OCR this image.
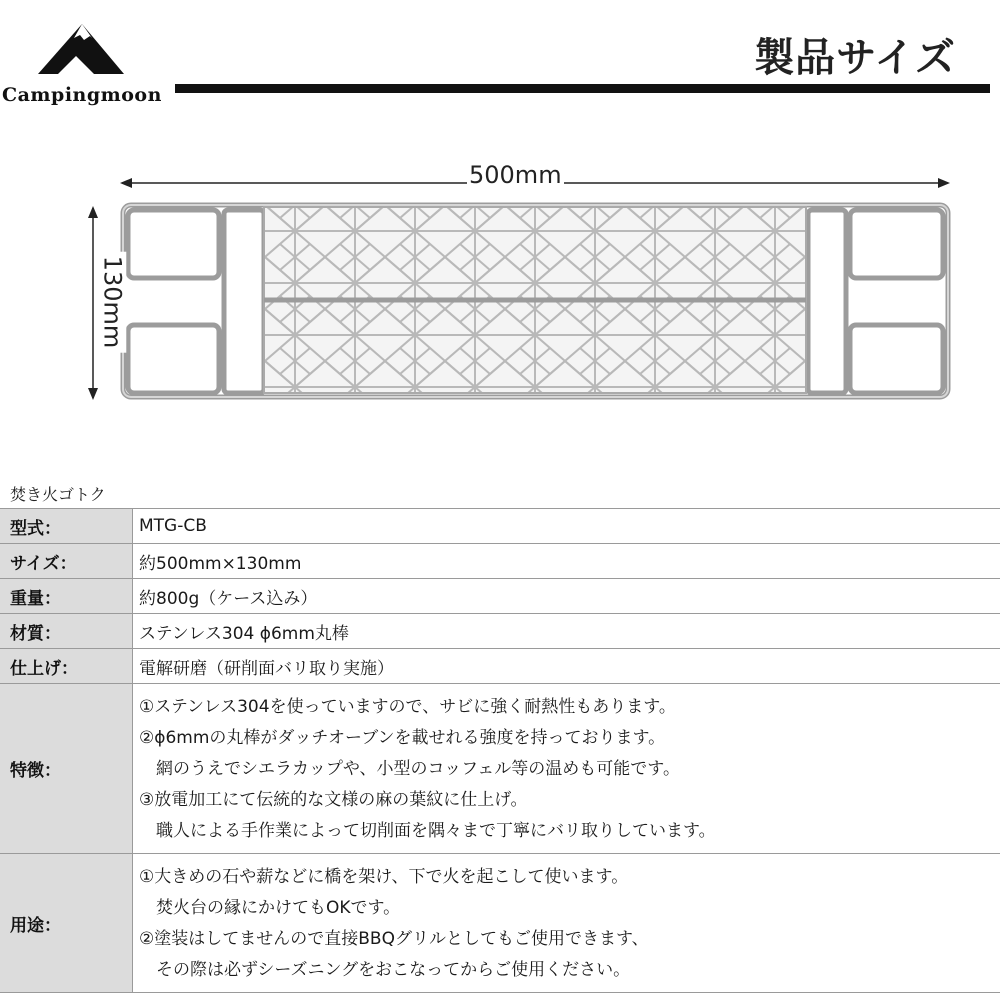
Campingmoon
製品サイズ
500mm
130mm
焚き火ゴトク
型式：	MTG-CB
サイズ：	約500mm×130mm
重量：	約800g（ケース込み）
材質：	ステンレス304 ϕ6mm丸棒
仕上げ：	電解研磨（研削面バリ取り実施）
特徴：	①ステンレス304を使っていますので、サビに強く耐熱性もあります。
②ϕ6mmの丸棒がダッチオーブンを載せれる強度を持っております。
　網のうえでシエラカップや、小型のコッフェル等の温めも可能です。
③放電加工にて伝統的な文様の麻の葉紋に仕上げ。
　職人による手作業によって切削面を隅々まで丁寧にバリ取りしています。

用途：	①大きめの石や薪などに橋を架け、下で火を起こして使います。
　焚火台の縁にかけてもOKです。
②塗装はしてませんので直接BBQグリルとしてもご使用できます、
　その際は必ずシーズニングをおこなってからご使用ください。
